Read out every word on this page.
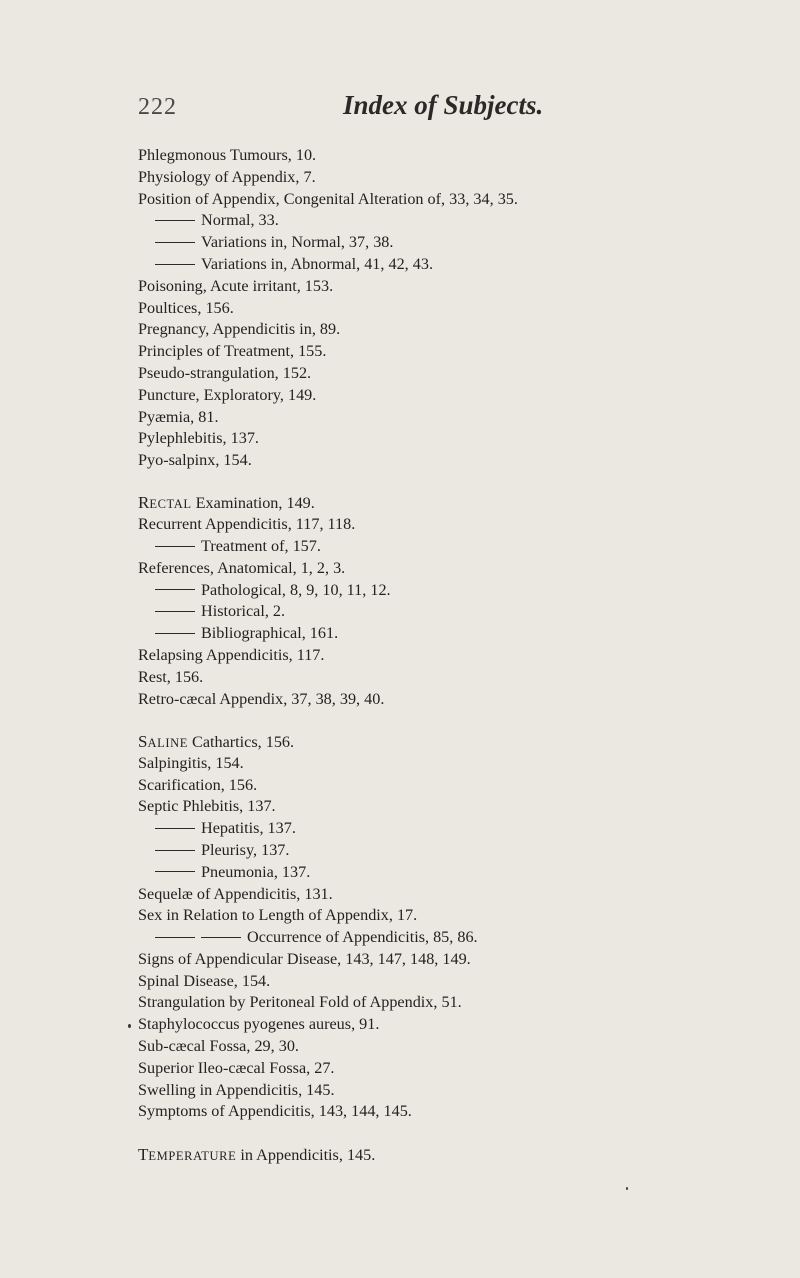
222	Index of Subjects.
Phlegmonous Tumours, 10.
Physiology of Appendix, 7.
Position of Appendix, Congenital Alteration of, 33, 34, 35.
Normal, 33.
Variations in, Normal, 37, 38.
Variations in, Abnormal, 41, 42, 43.
Poisoning, Acute irritant, 153.
Poultices, 156.
Pregnancy, Appendicitis in, 89.
Principles of Treatment, 155.
Pseudo-strangulation, 152.
Puncture, Exploratory, 149.
Pyæmia, 81.
Pylephlebitis, 137.
Pyo-salpinx, 154.
RECTAL Examination, 149.
Recurrent Appendicitis, 117, 118.
Treatment of, 157.
References, Anatomical, 1, 2, 3.
Pathological, 8, 9, 10, 11, 12.
Historical, 2.
Bibliographical, 161.
Relapsing Appendicitis, 117.
Rest, 156.
Retro-cæcal Appendix, 37, 38, 39, 40.
SALINE Cathartics, 156.
Salpingitis, 154.
Scarification, 156.
Septic Phlebitis, 137.
Hepatitis, 137.
Pleurisy, 137.
Pneumonia, 137.
Sequelæ of Appendicitis, 131.
Sex in Relation to Length of Appendix, 17.
Occurrence of Appendicitis, 85, 86.
Signs of Appendicular Disease, 143, 147, 148, 149.
Spinal Disease, 154.
Strangulation by Peritoneal Fold of Appendix, 51.
Staphylococcus pyogenes aureus, 91.
Sub-cæcal Fossa, 29, 30.
Superior Ileo-cæcal Fossa, 27.
Swelling in Appendicitis, 145.
Symptoms of Appendicitis, 143, 144, 145.
TEMPERATURE in Appendicitis, 145.
